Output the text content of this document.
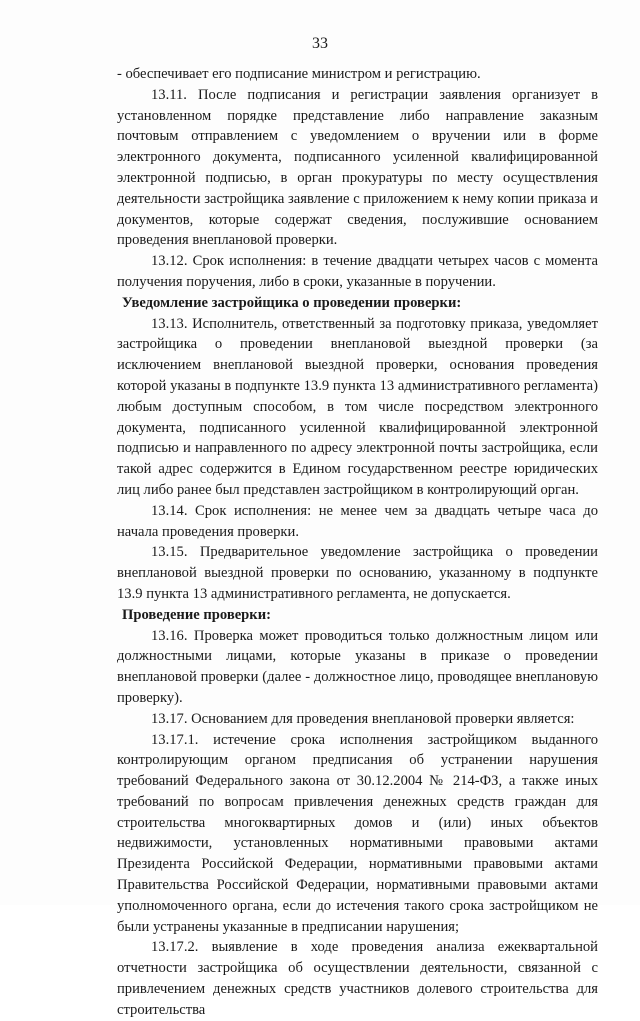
33

- обеспечивает его подписание министром и регистрацию.

13.11. После подписания и регистрации заявления организует в установленном порядке представление либо направление заказным почтовым отправлением с уведомлением о вручении или в форме электронного документа, подписанного усиленной квалифицированной электронной подписью, в орган прокуратуры по месту осуществления деятельности застройщика заявление с приложением к нему копии приказа и документов, которые содержат сведения, послужившие основанием проведения внеплановой проверки.

13.12. Срок исполнения: в течение двадцати четырех часов с момента получения поручения, либо в сроки, указанные в поручении.

Уведомление застройщика о проведении проверки:

13.13. Исполнитель, ответственный за подготовку приказа, уведомляет застройщика о проведении внеплановой выездной проверки (за исключением внеплановой выездной проверки, основания проведения которой указаны в подпункте 13.9 пункта 13 административного регламента) любым доступным способом, в том числе посредством электронного документа, подписанного усиленной квалифицированной электронной подписью и направленного по адресу электронной почты застройщика, если такой адрес содержится в Едином государственном реестре юридических лиц либо ранее был представлен застройщиком в контролирующий орган.

13.14. Срок исполнения: не менее чем за двадцать четыре часа до начала проведения проверки.

13.15. Предварительное уведомление застройщика о проведении внеплановой выездной проверки по основанию, указанному в подпункте 13.9 пункта 13 административного регламента, не допускается.

Проведение проверки:

13.16. Проверка может проводиться только должностным лицом или должностными лицами, которые указаны в приказе о проведении внеплановой проверки (далее - должностное лицо, проводящее внеплановую проверку).

13.17. Основанием для проведения внеплановой проверки является:

13.17.1. истечение срока исполнения застройщиком выданного контролирующим органом предписания об устранении нарушения требований Федерального закона от 30.12.2004 № 214-ФЗ, а также иных требований по вопросам привлечения денежных средств граждан для строительства многоквартирных домов и (или) иных объектов недвижимости, установленных нормативными правовыми актами Президента Российской Федерации, нормативными правовыми актами Правительства Российской Федерации, нормативными правовыми актами уполномоченного органа, если до истечения такого срока застройщиком не были устранены указанные в предписании нарушения;

13.17.2. выявление в ходе проведения анализа ежеквартальной отчетности застройщика об осуществлении деятельности, связанной с привлечением денежных средств участников долевого строительства для строительства
